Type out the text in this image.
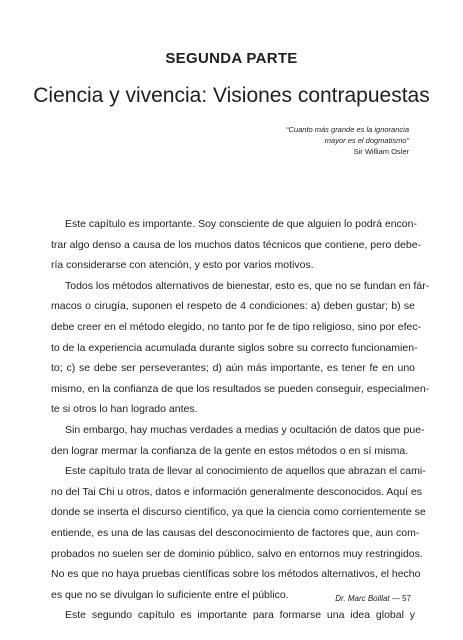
SEGUNDA PARTE
Ciencia y vivencia: Visiones contrapuestas
“Cuanto más grande es la ignorancia
mayor es el dogmatismo”
Sir William Osler
Este capítulo es importante. Soy consciente de que alguien lo podrá encon-
trar algo denso a causa de los muchos datos técnicos que contiene, pero debe-
ría considerarse con atención, y esto por varios motivos.
Todos los métodos alternativos de bienestar, esto es, que no se fundan en fár-
macos o cirugía, suponen el respeto de 4 condiciones: a) deben gustar; b) se
debe creer en el método elegido, no tanto por fe de tipo religioso, sino por efec-
to de la experiencia acumulada durante siglos sobre su correcto funcionamien-
to; c) se debe ser perseverantes; d) aún más importante, es tener fe en uno
mismo, en la confianza de que los resultados se pueden conseguir, especialmen-
te si otros lo han logrado antes.
Sin embargo, hay muchas verdades a medias y ocultación de datos que pue-
den lograr mermar la confianza de la gente en estos métodos o en sí misma.
Este capítulo trata de llevar al conocimiento de aquellos que abrazan el cami-
no del Tai Chi u otros, datos e información generalmente desconocidos. Aquí es
donde se inserta el discurso científico, ya que la ciencia como corrientemente se
entiende, es una de las causas del desconocimiento de factores que, aun com-
probados no suelen ser de dominio público, salvo en entornos muy restringidos.
No es que no haya pruebas científicas sobre los métodos alternativos, el hecho
es que no se divulgan lo suficiente entre el público.
Este segundo capítulo es importante para formarse una idea global y
Dr. Marc Boillat — 57
